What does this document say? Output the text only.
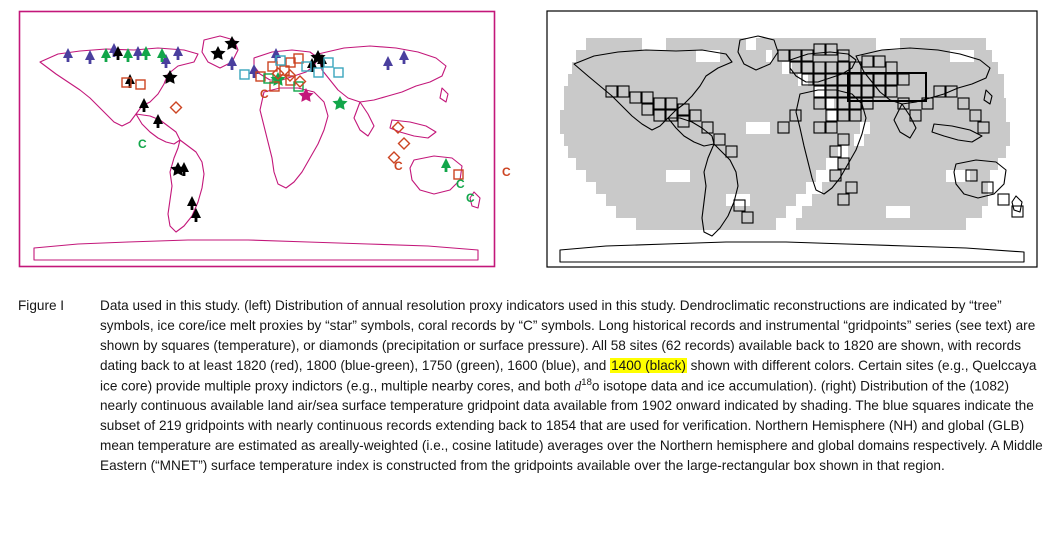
C
C
C
C	C
C
Figure I	Data used in this study. (left) Distribution of annual resolution proxy indicators used in this study. Dendroclimatic reconstructions are indicated by “tree” symbols, ice core/ice melt proxies by “star” symbols, coral records by “C” symbols. Long historical records and instrumental “gridpoints” series (see text) are shown by squares (temperature), or diamonds (precipitation or surface pressure). All 58 sites (62 records) available back to 1820 are shown, with records dating back to at least 1820 (red), 1800 (blue-green), 1750 (green), 1600 (blue), and 1400 (black) shown with different colors. Certain sites (e.g., Quelccaya ice core) provide multiple proxy indictors (e.g., multiple nearby cores, and both $d^{18}o$ isotope data and ice accumulation). (right) Distribution of the (1082) nearly continuous available land air/sea surface temperature gridpoint data available from 1902 onward indicated by shading. The blue squares indicate the subset of 219 gridpoints with nearly continuous records extending back to 1854 that are used for verification. Northern Hemisphere (NH) and global (GLB) mean temperature are estimated as areally-weighted (i.e., cosine latitude) averages over the Northern hemisphere and global domains respectively. A Middle Eastern (“MNET”) surface temperature index is constructed from the gridpoints available over the large-rectangular box shown in that region.
